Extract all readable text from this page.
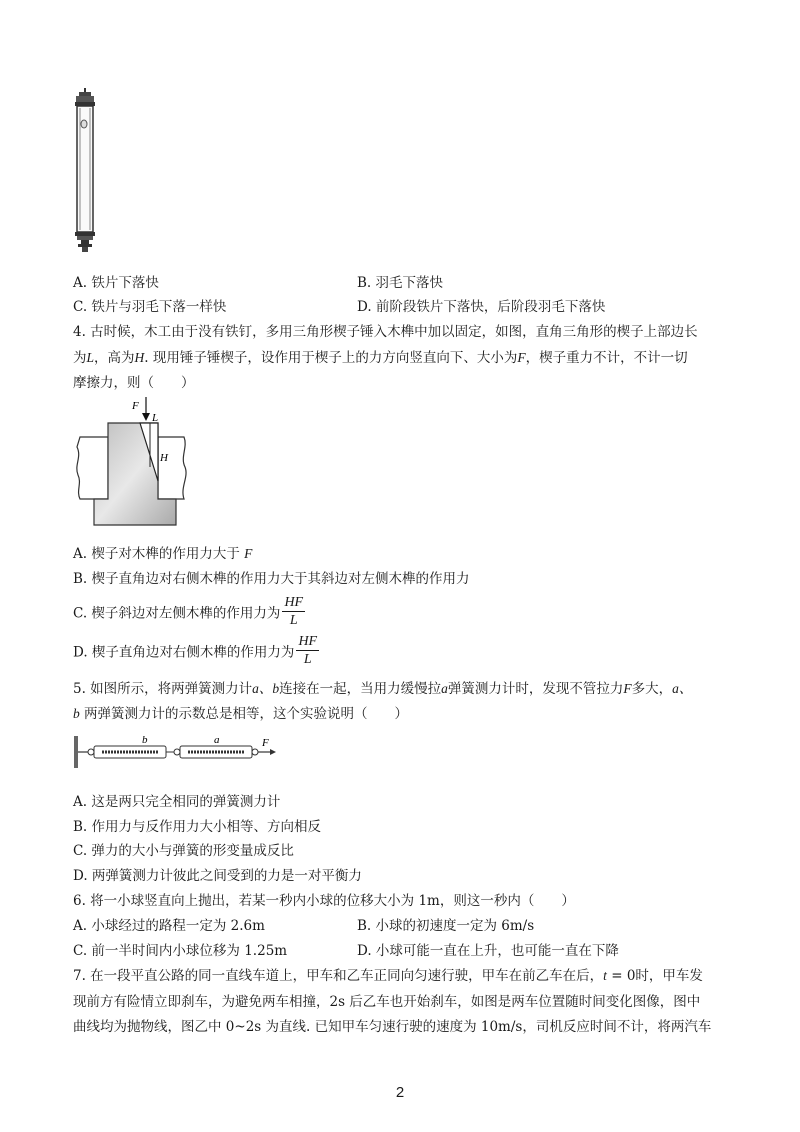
A. 铁片下落快	B. 羽毛下落快
C. 铁片与羽毛下落一样快	D. 前阶段铁片下落快，后阶段羽毛下落快
4. 古时候，木工由于没有铁钉，多用三角形楔子锤入木榫中加以固定，如图，直角三角形的楔子上部边长
为L，高为H. 现用锤子锤楔子，设作用于楔子上的力方向竖直向下、大小为F，楔子重力不计，不计一切
摩擦力，则（　　）
F
L
H
A. 楔子对木榫的作用力大于 F
B. 楔子直角边对右侧木榫的作用力大于其斜边对左侧木榫的作用力
C. 楔子斜边对左侧木榫的作用力为 $\frac{HF}{L}$
D. 楔子直角边对右侧木榫的作用力为 $\frac{HF}{L}$
5. 如图所示，将两弹簧测力计a、b连接在一起，当用力缓慢拉a弹簧测力计时，发现不管拉力F多大，a、
b 两弹簧测力计的示数总是相等，这个实验说明（　　）
b	a	F
A. 这是两只完全相同的弹簧测力计
B. 作用力与反作用力大小相等、方向相反
C. 弹力的大小与弹簧的形变量成反比
D. 两弹簧测力计彼此之间受到的力是一对平衡力
6. 将一小球竖直向上抛出，若某一秒内小球的位移大小为 1m，则这一秒内（　　）
A. 小球经过的路程一定为 2.6m	B. 小球的初速度一定为 6m/s
C. 前一半时间内小球位移为 1.25m	D. 小球可能一直在上升，也可能一直在下降
7. 在一段平直公路的同一直线车道上，甲车和乙车正同向匀速行驶，甲车在前乙车在后，t = 0时，甲车发
现前方有险情立即刹车，为避免两车相撞，2s 后乙车也开始刹车，如图是两车位置随时间变化图像，图中
曲线均为抛物线，图乙中 0~2s 为直线. 已知甲车匀速行驶的速度为 10m/s，司机反应时间不计，将两汽车
2
